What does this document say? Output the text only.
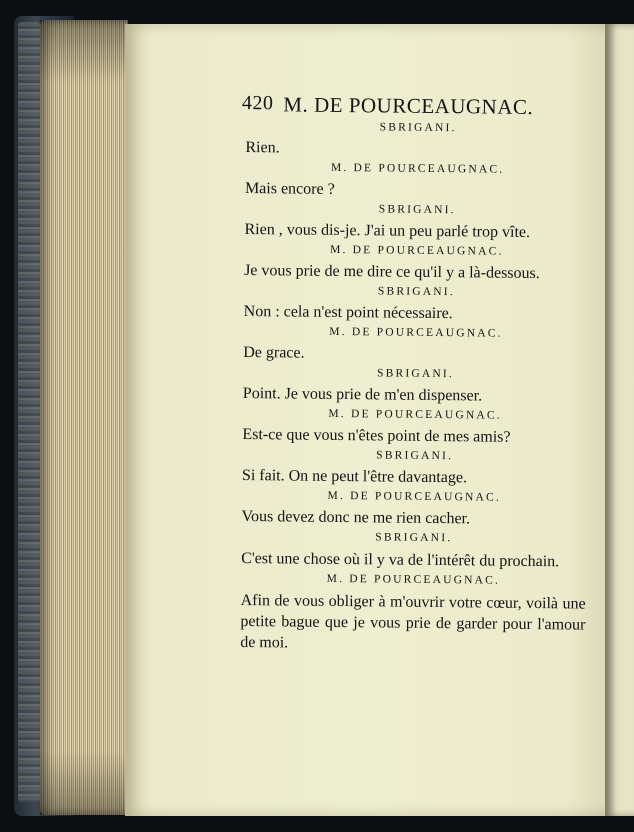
420 M. DE POURCEAUGNAC.
SBRIGANI.
Rien.
M. DE POURCEAUGNAC.
Mais encore ?
SBRIGANI.
Rien , vous dis-je. J'ai un peu parlé trop vîte.
M. DE POURCEAUGNAC.
Je vous prie de me dire ce qu'il y a là-dessous.
SBRIGANI.
Non : cela n'est point nécessaire.
M. DE POURCEAUGNAC.
De grace.
SBRIGANI.
Point. Je vous prie de m'en dispenser.
M. DE POURCEAUGNAC.
Est-ce que vous n'êtes point de mes amis?
SBRIGANI.
Si fait. On ne peut l'être davantage.
M. DE POURCEAUGNAC.
Vous devez donc ne me rien cacher.
SBRIGANI.
C'est une chose où il y va de l'intérêt du prochain.
M. DE POURCEAUGNAC.
Afin de vous obliger à m'ouvrir votre cœur, voilà une petite bague que je vous prie de garder pour l'amour de moi.
